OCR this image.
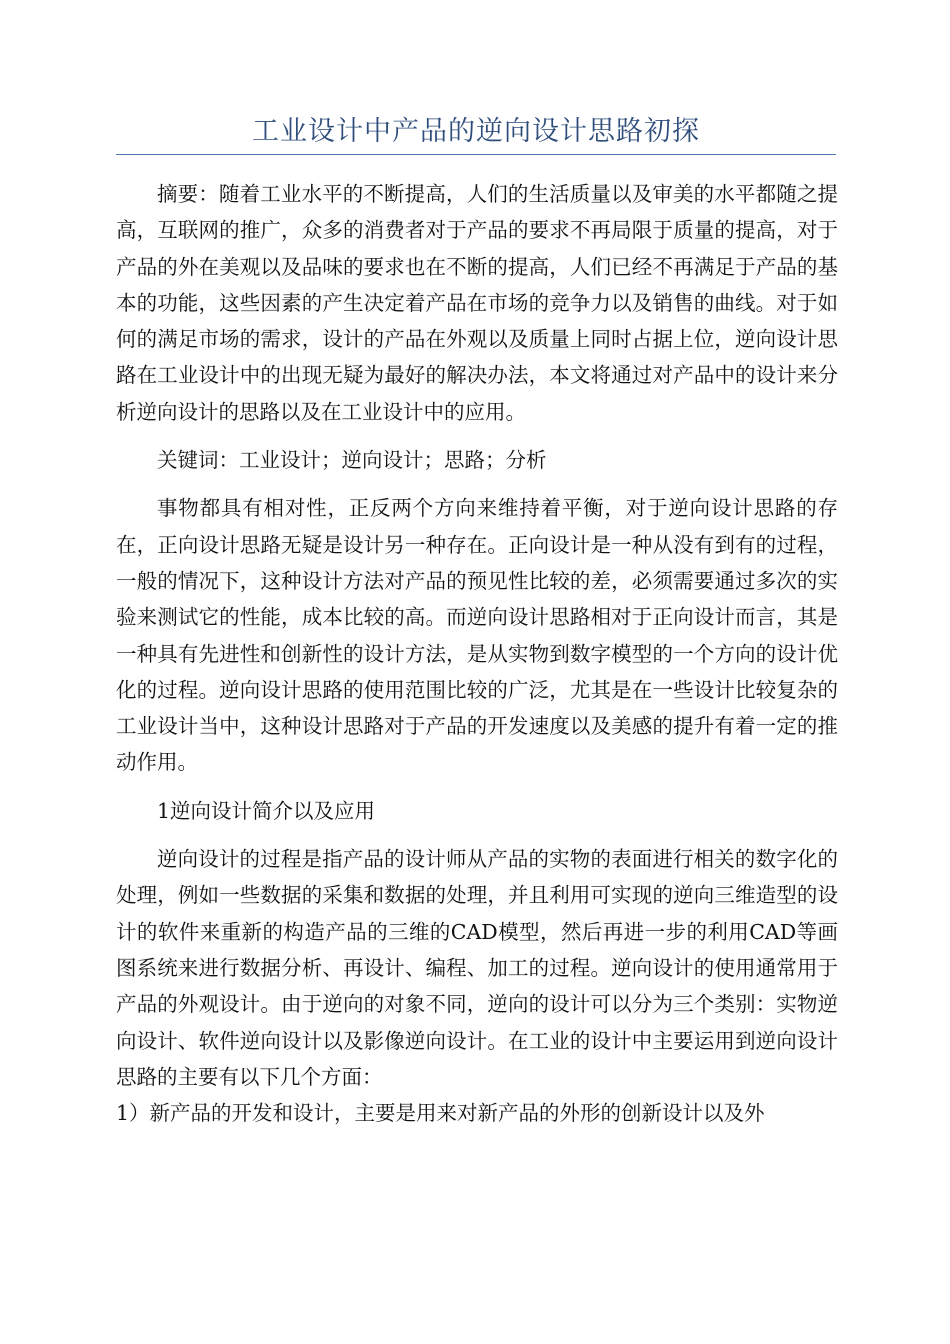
工业设计中产品的逆向设计思路初探

摘要：随着工业水平的不断提高，人们的生活质量以及审美的水平都随之提高，互联网的推广，众多的消费者对于产品的要求不再局限于质量的提高，对于产品的外在美观以及品味的要求也在不断的提高，人们已经不再满足于产品的基本的功能，这些因素的产生决定着产品在市场的竞争力以及销售的曲线。对于如何的满足市场的需求，设计的产品在外观以及质量上同时占据上位，逆向设计思路在工业设计中的出现无疑为最好的解决办法，本文将通过对产品中的设计来分析逆向设计的思路以及在工业设计中的应用。

关键词：工业设计；逆向设计；思路；分析

事物都具有相对性，正反两个方向来维持着平衡，对于逆向设计思路的存在，正向设计思路无疑是设计另一种存在。正向设计是一种从没有到有的过程，一般的情况下，这种设计方法对产品的预见性比较的差，必须需要通过多次的实验来测试它的性能，成本比较的高。而逆向设计思路相对于正向设计而言，其是一种具有先进性和创新性的设计方法，是从实物到数字模型的一个方向的设计优化的过程。逆向设计思路的使用范围比较的广泛，尤其是在一些设计比较复杂的工业设计当中，这种设计思路对于产品的开发速度以及美感的提升有着一定的推动作用。

1逆向设计简介以及应用

逆向设计的过程是指产品的设计师从产品的实物的表面进行相关的数字化的处理，例如一些数据的采集和数据的处理，并且利用可实现的逆向三维造型的设计的软件来重新的构造产品的三维的CAD模型，然后再进一步的利用CAD等画图系统来进行数据分析、再设计、编程、加工的过程。逆向设计的使用通常用于产品的外观设计。由于逆向的对象不同，逆向的设计可以分为三个类别：实物逆向设计、软件逆向设计以及影像逆向设计。在工业的设计中主要运用到逆向设计思路的主要有以下几个方面：

1）新产品的开发和设计，主要是用来对新产品的外形的创新设计以及外
